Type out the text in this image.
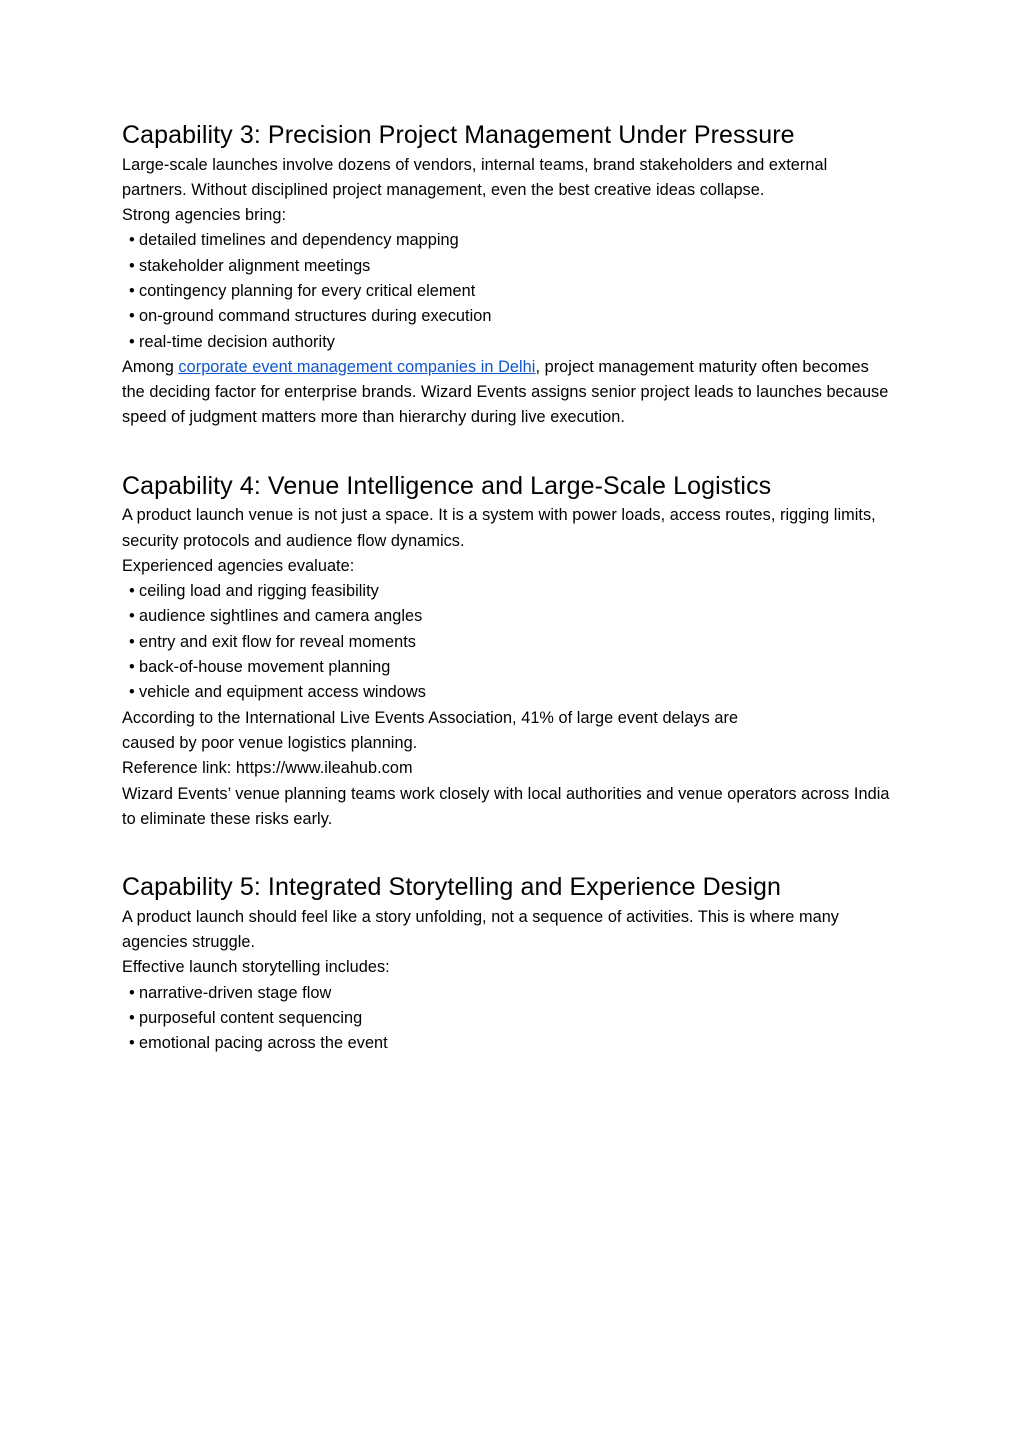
Capability 3: Precision Project Management Under Pressure

Large-scale launches involve dozens of vendors, internal teams, brand stakeholders and external partners. Without disciplined project management, even the best creative ideas collapse.

Strong agencies bring:

• detailed timelines and dependency mapping
• stakeholder alignment meetings
• contingency planning for every critical element
• on-ground command structures during execution
• real-time decision authority

Among corporate event management companies in Delhi, project management maturity often becomes the deciding factor for enterprise brands. Wizard Events assigns senior project leads to launches because speed of judgment matters more than hierarchy during live execution.

Capability 4: Venue Intelligence and Large-Scale Logistics

A product launch venue is not just a space. It is a system with power loads, access routes, rigging limits, security protocols and audience flow dynamics.

Experienced agencies evaluate:

• ceiling load and rigging feasibility
• audience sightlines and camera angles
• entry and exit flow for reveal moments
• back-of-house movement planning
• vehicle and equipment access windows

According to the International Live Events Association, 41% of large event delays are
caused by poor venue logistics planning.
Reference link: https://www.ileahub.com

Wizard Events’ venue planning teams work closely with local authorities and venue operators across India to eliminate these risks early.

Capability 5: Integrated Storytelling and Experience Design

A product launch should feel like a story unfolding, not a sequence of activities. This is where many agencies struggle.

Effective launch storytelling includes:

• narrative-driven stage flow
• purposeful content sequencing
• emotional pacing across the event
